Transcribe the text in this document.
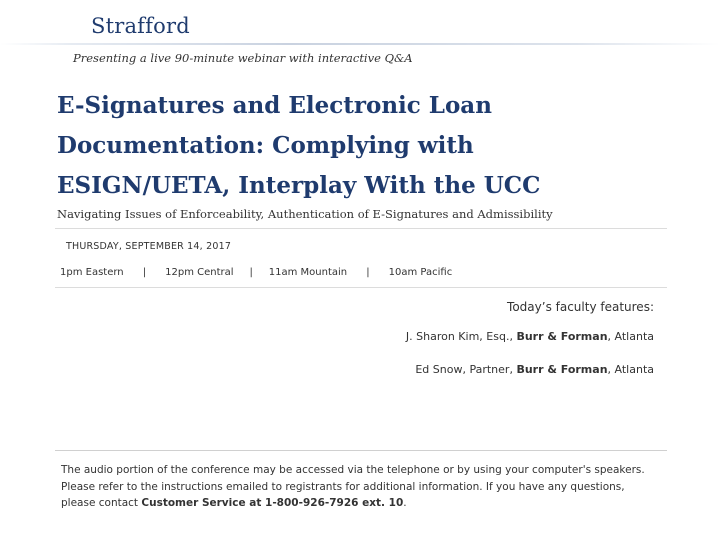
Strafford
Presenting a live 90-minute webinar with interactive Q&A
E-Signatures and Electronic Loan
Documentation: Complying with
ESIGN/UETA, Interplay With the UCC
Navigating Issues of Enforceability, Authentication of E-Signatures and Admissibility
THURSDAY, SEPTEMBER 14, 2017
1pm Eastern | 12pm Central | 11am Mountain | 10am Pacific
Today’s faculty features:
J. Sharon Kim, Esq., Burr & Forman, Atlanta
Ed Snow, Partner, Burr & Forman, Atlanta
The audio portion of the conference may be accessed via the telephone or by using your computer's speakers. Please refer to the instructions emailed to registrants for additional information. If you have any questions, please contact Customer Service at 1-800-926-7926 ext. 10.
